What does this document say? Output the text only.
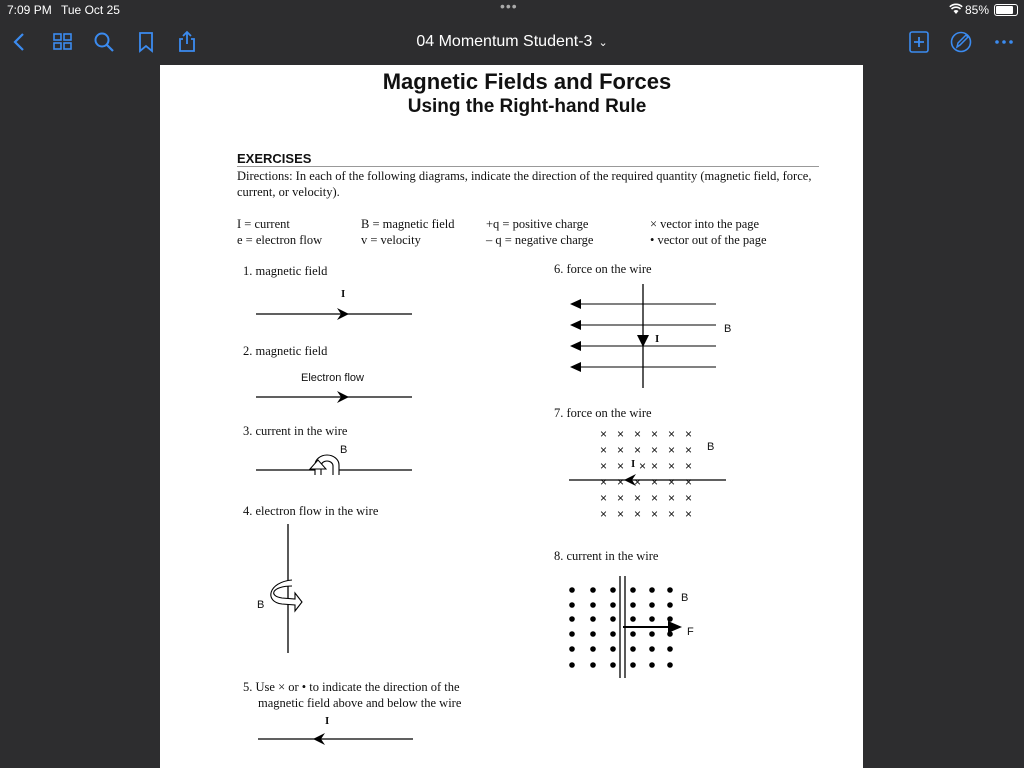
7:09 PM Tue Oct 25	•••	85%
04 Momentum Student-3 ⌄
Magnetic Fields and Forces
Using the Right-hand Rule
EXERCISES
Directions: In each of the following diagrams, indicate the direction of the required quantity (magnetic field, force, current, or velocity).
I = current
e = electron flow
B = magnetic field
v = velocity
+q = positive charge
– q = negative charge
× vector into the page
• vector out of the page
1. magnetic field
2. magnetic field
3. current in the wire
4. electron flow in the wire
5. Use × or • to indicate the direction of the
magnetic field above and below the wire
6. force on the wire
7. force on the wire
8. current in the wire
I
Electron flow
B
B
I
B
I
B
B
F
× × × × × ×
× × × × × ×
× × × × ×
× × × × × ×
× × × × × ×
× × × × × ×
I ×
